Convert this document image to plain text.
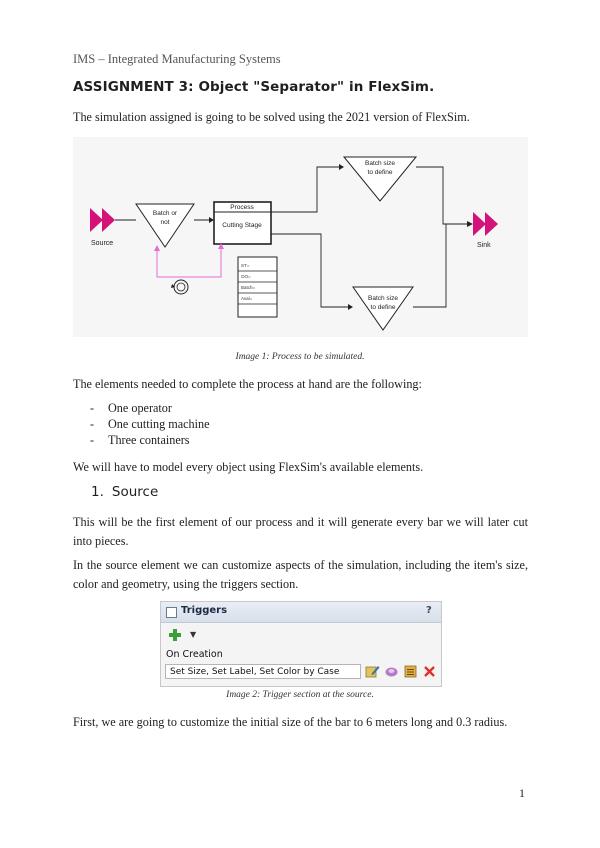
IMS – Integrated Manufacturing Systems
ASSIGNMENT 3: Object "Separator" in FlexSim.

The simulation assigned is going to be solved using the 2021 version of FlexSim.

Source
Batch or
not
Process
Cutting Stage
ST=
OO=
Batch=
Aval=
Batch size
to define
Batch size
to define
Sink
Image 1: Process to be simulated.

The elements needed to complete the process at hand are the following:

- One operator
- One cutting machine
- Three containers

We will have to model every object using FlexSim's available elements.

1. Source

This will be the first element of our process and it will generate every bar we will later cut into pieces.

In the source element we can customize aspects of the simulation, including the item's size, color and geometry, using the triggers section.

Triggers	?
▼
On Creation
Set Size, Set Label, Set Color by Case
Image 2: Trigger section at the source.

First, we are going to customize the initial size of the bar to 6 meters long and 0.3 radius.

1
